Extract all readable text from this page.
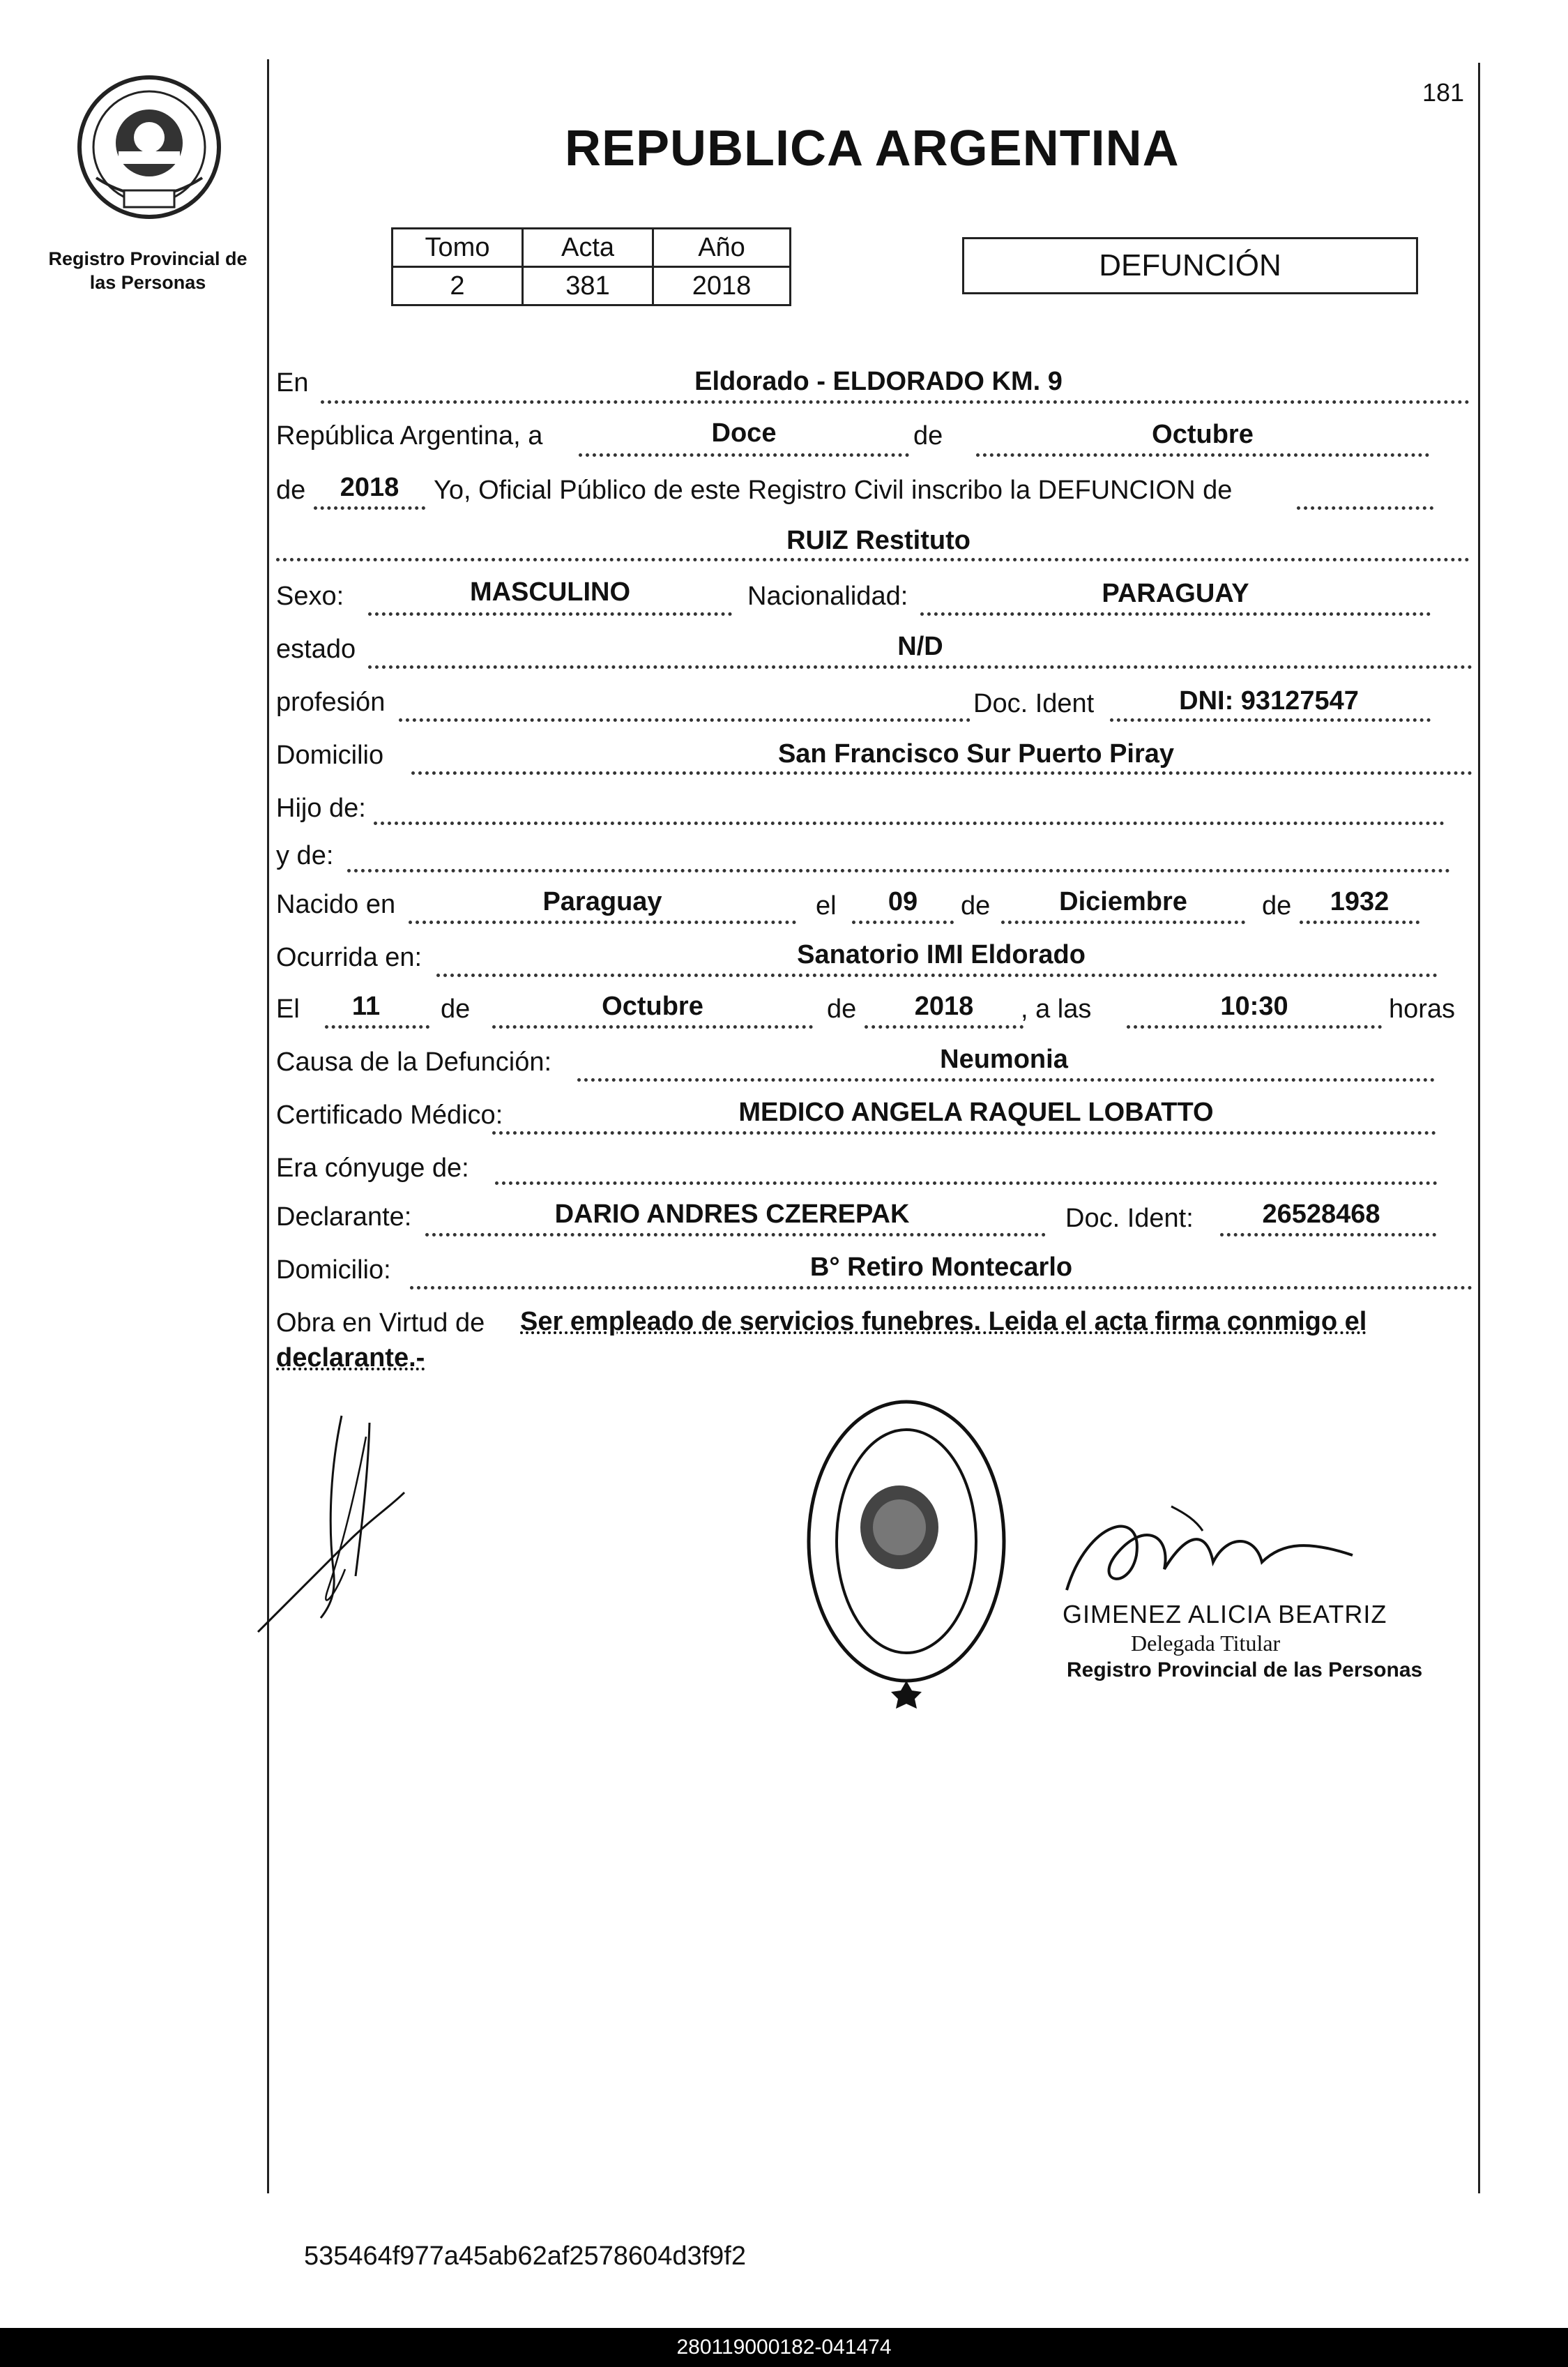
Registro Provincial de
las Personas
181
REPUBLICA ARGENTINA
Tomo	Acta	Año
2	381	2018
DEFUNCIÓN
En	Eldorado - ELDORADO KM. 9
República Argentina, a	Doce	de	Octubre
de	2018	Yo, Oficial Público de este Registro Civil inscribo la DEFUNCION de
RUIZ Restituto
Sexo:	MASCULINO	Nacionalidad:	PARAGUAY
estado	N/D
profesión	Doc. Ident	DNI: 93127547
Domicilio	San Francisco Sur Puerto Piray
Hijo de:
y de:
Nacido en	Paraguay	el	09	de	Diciembre	de	1932
Ocurrida en:	Sanatorio IMI Eldorado
El	11	de	Octubre	de	2018	, a las	10:30	horas
Causa de la Defunción:	Neumonia
Certificado Médico:	MEDICO ANGELA RAQUEL LOBATTO
Era cónyuge de:
Declarante:	DARIO ANDRES CZEREPAK	Doc. Ident:	26528468
Domicilio:	B° Retiro Montecarlo
Obra en Virtud de Ser empleado de servicios funebres. Leida el acta firma conmigo el
declarante.-
GIMENEZ ALICIA BEATRIZ
Delegada Titular
Registro Provincial de las Personas
535464f977a45ab62af2578604d3f9f2
280119000182-041474
